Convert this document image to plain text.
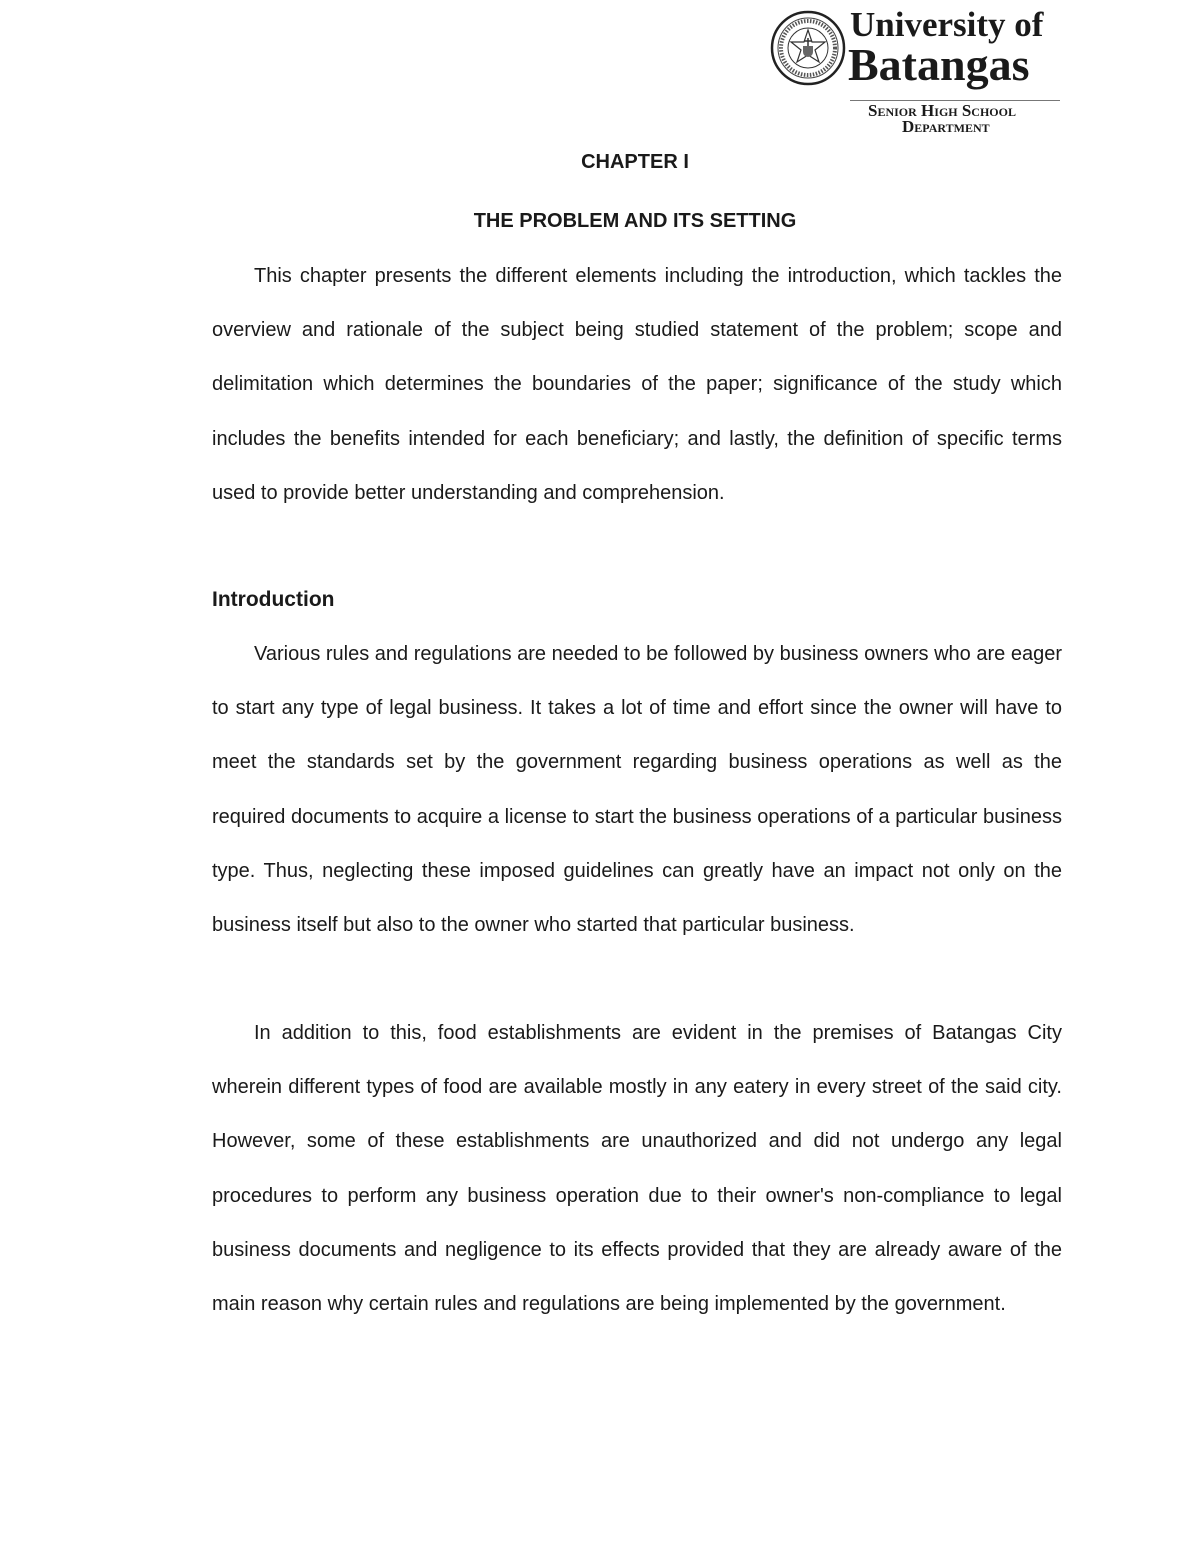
University of
Batangas
Senior High School
Department
CHAPTER I
THE PROBLEM AND ITS SETTING

This chapter presents the different elements including the introduction, which tackles the overview and rationale of the subject being studied statement of the problem; scope and delimitation which determines the boundaries of the paper; significance of the study which includes the benefits intended for each beneficiary; and lastly, the definition of specific terms used to provide better understanding and comprehension.

Introduction

Various rules and regulations are needed to be followed by business owners who are eager to start any type of legal business. It takes a lot of time and effort since the owner will have to meet the standards set by the government regarding business operations as well as the required documents to acquire a license to start the business operations of a particular business type. Thus, neglecting these imposed guidelines can greatly have an impact not only on the business itself but also to the owner who started that particular business.

In addition to this, food establishments are evident in the premises of Batangas City wherein different types of food are available mostly in any eatery in every street of the said city. However, some of these establishments are unauthorized and did not undergo any legal procedures to perform any business operation due to their owner's non-compliance to legal business documents and negligence to its effects provided that they are already aware of the main reason why certain rules and regulations are being implemented by the government.
